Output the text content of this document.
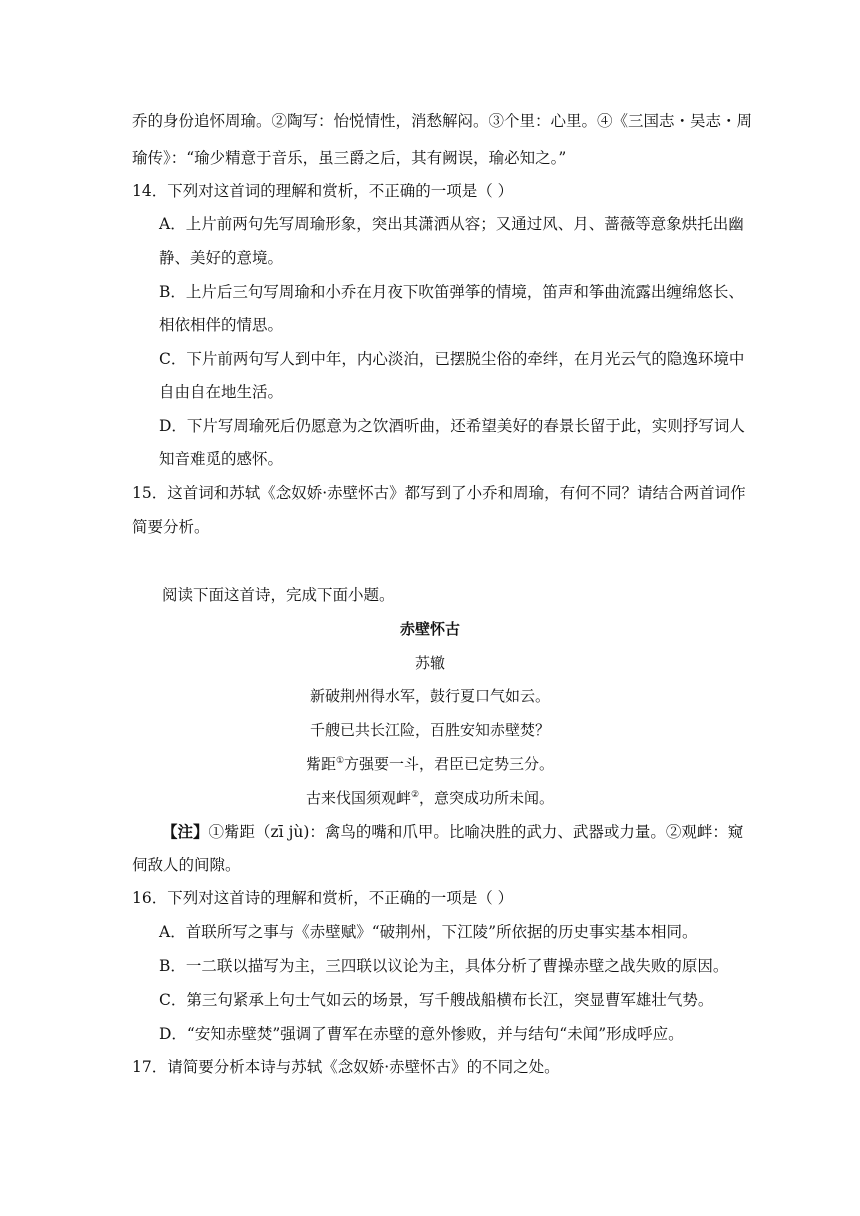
乔的身份追怀周瑜。②陶写：怡悦情性，消愁解闷。③个里：心里。④《三国志・吴志・周
瑜传》：“瑜少精意于音乐，虽三爵之后，其有阙误，瑜必知之。”
14．下列对这首词的理解和赏析，不正确的一项是（ ）
A．上片前两句先写周瑜形象，突出其潇洒从容；又通过风、月、蔷薇等意象烘托出幽
静、美好的意境。
B．上片后三句写周瑜和小乔在月夜下吹笛弹筝的情境，笛声和筝曲流露出缠绵悠长、
相依相伴的情思。
C．下片前两句写人到中年，内心淡泊，已摆脱尘俗的牵绊，在月光云气的隐逸环境中
自由自在地生活。
D．下片写周瑜死后仍愿意为之饮酒听曲，还希望美好的春景长留于此，实则抒写词人
知音难觅的感怀。
15．这首词和苏轼《念奴娇·赤壁怀古》都写到了小乔和周瑜，有何不同？请结合两首词作
简要分析。
阅读下面这首诗，完成下面小题。
赤壁怀古
苏辙
新破荆州得水军，鼓行夏口气如云。
千艘已共长江险，百胜安知赤壁焚？
觜距①方强要一斗，君臣已定势三分。
古来伐国须观衅②，意突成功所未闻。
【注】①觜距（zī jù)：禽鸟的嘴和爪甲。比喻决胜的武力、武器或力量。②观衅：窥
伺敌人的间隙。
16．下列对这首诗的理解和赏析，不正确的一项是（ ）
A．首联所写之事与《赤壁赋》“破荆州，下江陵”所依据的历史事实基本相同。
B．一二联以描写为主，三四联以议论为主，具体分析了曹操赤壁之战失败的原因。
C．第三句紧承上句士气如云的场景，写千艘战船横布长江，突显曹军雄壮气势。
D．“安知赤壁焚”强调了曹军在赤壁的意外惨败，并与结句“未闻”形成呼应。
17．请简要分析本诗与苏轼《念奴娇·赤壁怀古》的不同之处。
